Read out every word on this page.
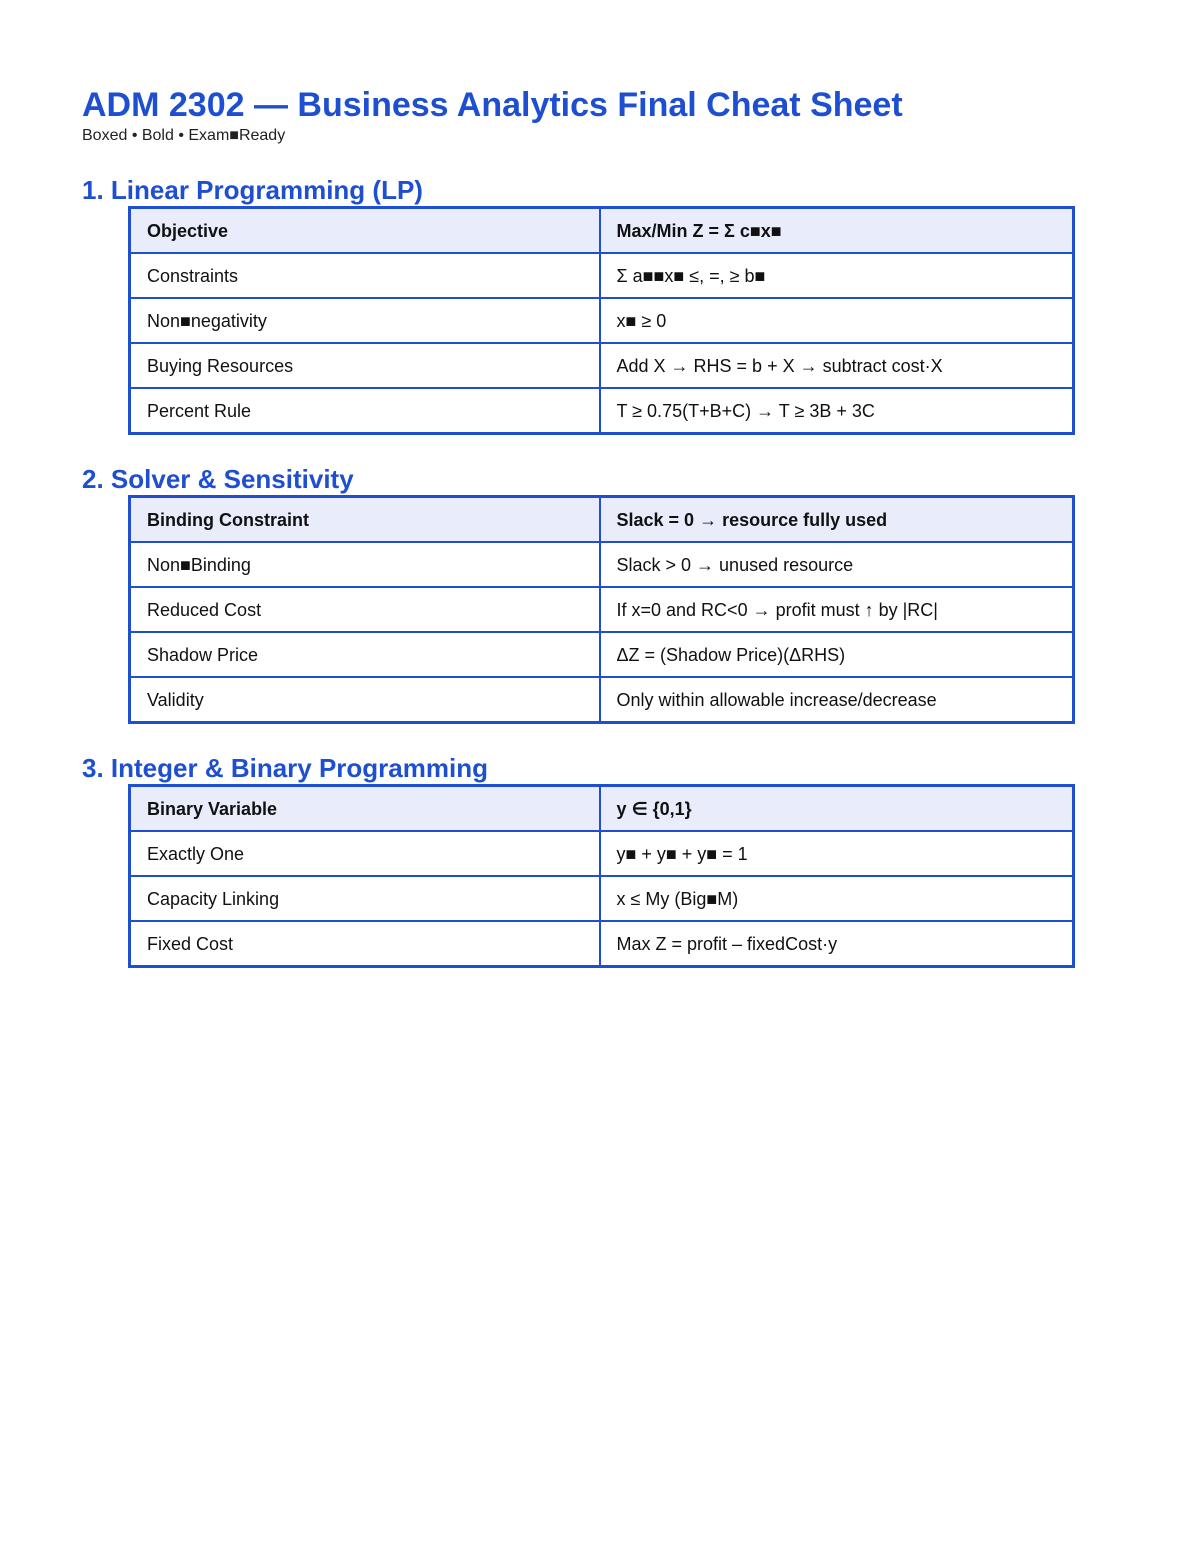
ADM 2302 — Business Analytics Final Cheat Sheet

Boxed • Bold • Exam■Ready

1. Linear Programming (LP)
Objective	Max/Min Z = Σ c■x■
Constraints	Σ a■■x■ ≤, =, ≥ b■
Non■negativity	x■ ≥ 0
Buying Resources	Add X → RHS = b + X → subtract cost·X
Percent Rule	T ≥ 0.75(T+B+C) → T ≥ 3B + 3C
2. Solver & Sensitivity
Binding Constraint	Slack = 0 → resource fully used
Non■Binding	Slack > 0 → unused resource
Reduced Cost	If x=0 and RC<0 → profit must ↑ by |RC|
Shadow Price	ΔZ = (Shadow Price)(ΔRHS)
Validity	Only within allowable increase/decrease
3. Integer & Binary Programming
Binary Variable	y ∈ {0,1}
Exactly One	y■ + y■ + y■ = 1
Capacity Linking	x ≤ My (Big■M)
Fixed Cost	Max Z = profit – fixedCost·y
